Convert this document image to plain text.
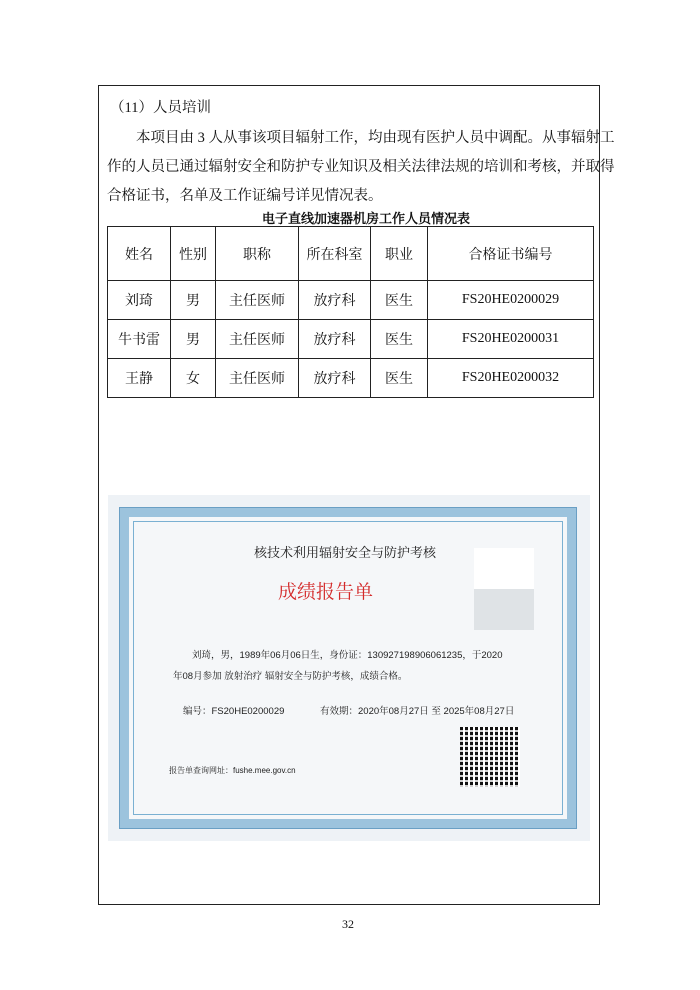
（11）人员培训
本项目由 3 人从事该项目辐射工作，均由现有医护人员中调配。从事辐射工
作的人员已通过辐射安全和防护专业知识及相关法律法规的培训和考核，并取得
合格证书，名单及工作证编号详见情况表。
电子直线加速器机房工作人员情况表
姓名	性别	职称	所在科室	职业	合格证书编号
刘琦	男	主任医师	放疗科	医生	FS20HE0200029
牛书雷	男	主任医师	放疗科	医生	FS20HE0200031
王静	女	主任医师	放疗科	医生	FS20HE0200032
核技术利用辐射安全与防护考核
成绩报告单
刘琦，男，1989年06月06日生，身份证：130927198906061235，于2020
年08月参加 放射治疗 辐射安全与防护考核，成绩合格。
编号：FS20HE0200029	有效期：2020年08月27日 至 2025年08月27日
报告单查询网址：fushe.mee.gov.cn
32
